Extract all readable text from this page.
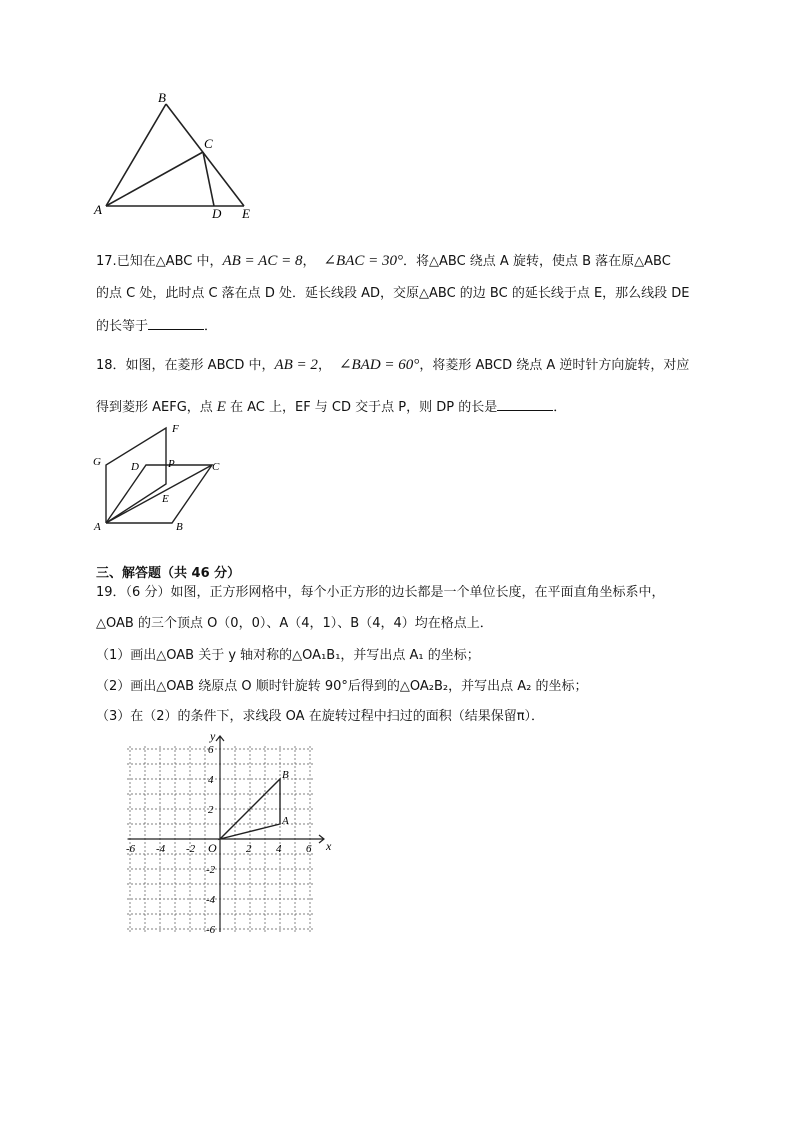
B
C
A	D E
17.已知在△ABC 中，AB = AC = 8， ∠BAC = 30°．将△ABC 绕点 A 旋转，使点 B 落在原△ABC
的点 C 处，此时点 C 落在点 D 处．延长线段 AD，交原△ABC 的边 BC 的延长线于点 E，那么线段 DE
的长等于	．
18．如图，在菱形 ABCD 中，AB = 2， ∠BAD = 60°，将菱形 ABCD 绕点 A 逆时针方向旋转，对应
得到菱形 AEFG，点 E 在 AC 上，EF 与 CD 交于点 P，则 DP 的长是	．
F
G	D	P	C
E
A	B
三、解答题（共 46 分）
19．（6 分）如图，正方形网格中，每个小正方形的边长都是一个单位长度，在平面直角坐标系中，
△OAB 的三个顶点 O（0，0）、A（4，1）、B（4，4）均在格点上．
（1）画出△OAB 关于 y 轴对称的△OA₁B₁，并写出点 A₁ 的坐标；
（2）画出△OAB 绕原点 O 顺时针旋转 90°后得到的△OA₂B₂，并写出点 A₂ 的坐标；
（3）在（2）的条件下，求线段 OA 在旋转过程中扫过的面积（结果保留π）．
x
y
O
A
B
-6 -4 -2	2 4 6
6
4
2
-2
-4
-6
